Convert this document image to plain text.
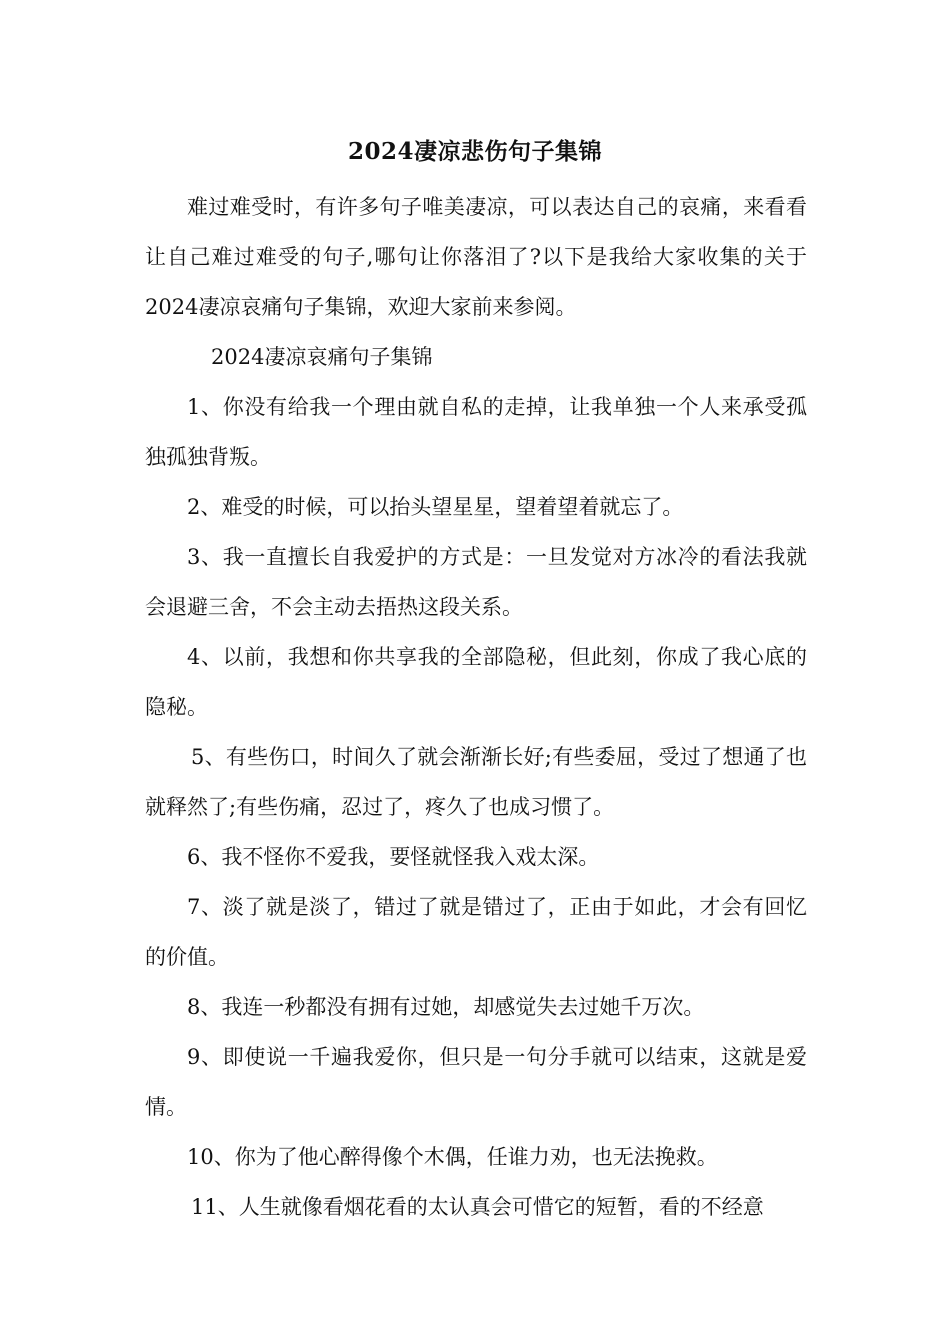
2024凄凉悲伤句子集锦

难过难受时，有许多句子唯美凄凉，可以表达自己的哀痛，来看看让自己难过难受的句子,哪句让你落泪了?以下是我给大家收集的关于2024凄凉哀痛句子集锦，欢迎大家前来参阅。

2024凄凉哀痛句子集锦

1、你没有给我一个理由就自私的走掉，让我单独一个人来承受孤独孤独背叛。

2、难受的时候，可以抬头望星星，望着望着就忘了。

3、我一直擅长自我爱护的方式是：一旦发觉对方冰冷的看法我就会退避三舍，不会主动去捂热这段关系。

4、以前，我想和你共享我的全部隐秘，但此刻，你成了我心底的隐秘。

5、有些伤口，时间久了就会渐渐长好;有些委屈，受过了想通了也就释然了;有些伤痛，忍过了，疼久了也成习惯了。

6、我不怪你不爱我，要怪就怪我入戏太深。

7、淡了就是淡了，错过了就是错过了，正由于如此，才会有回忆的价值。

8、我连一秒都没有拥有过她，却感觉失去过她千万次。

9、即使说一千遍我爱你，但只是一句分手就可以结束，这就是爱情。

10、你为了他心醉得像个木偶，任谁力劝，也无法挽救。

11、人生就像看烟花看的太认真会可惜它的短暂，看的不经意
